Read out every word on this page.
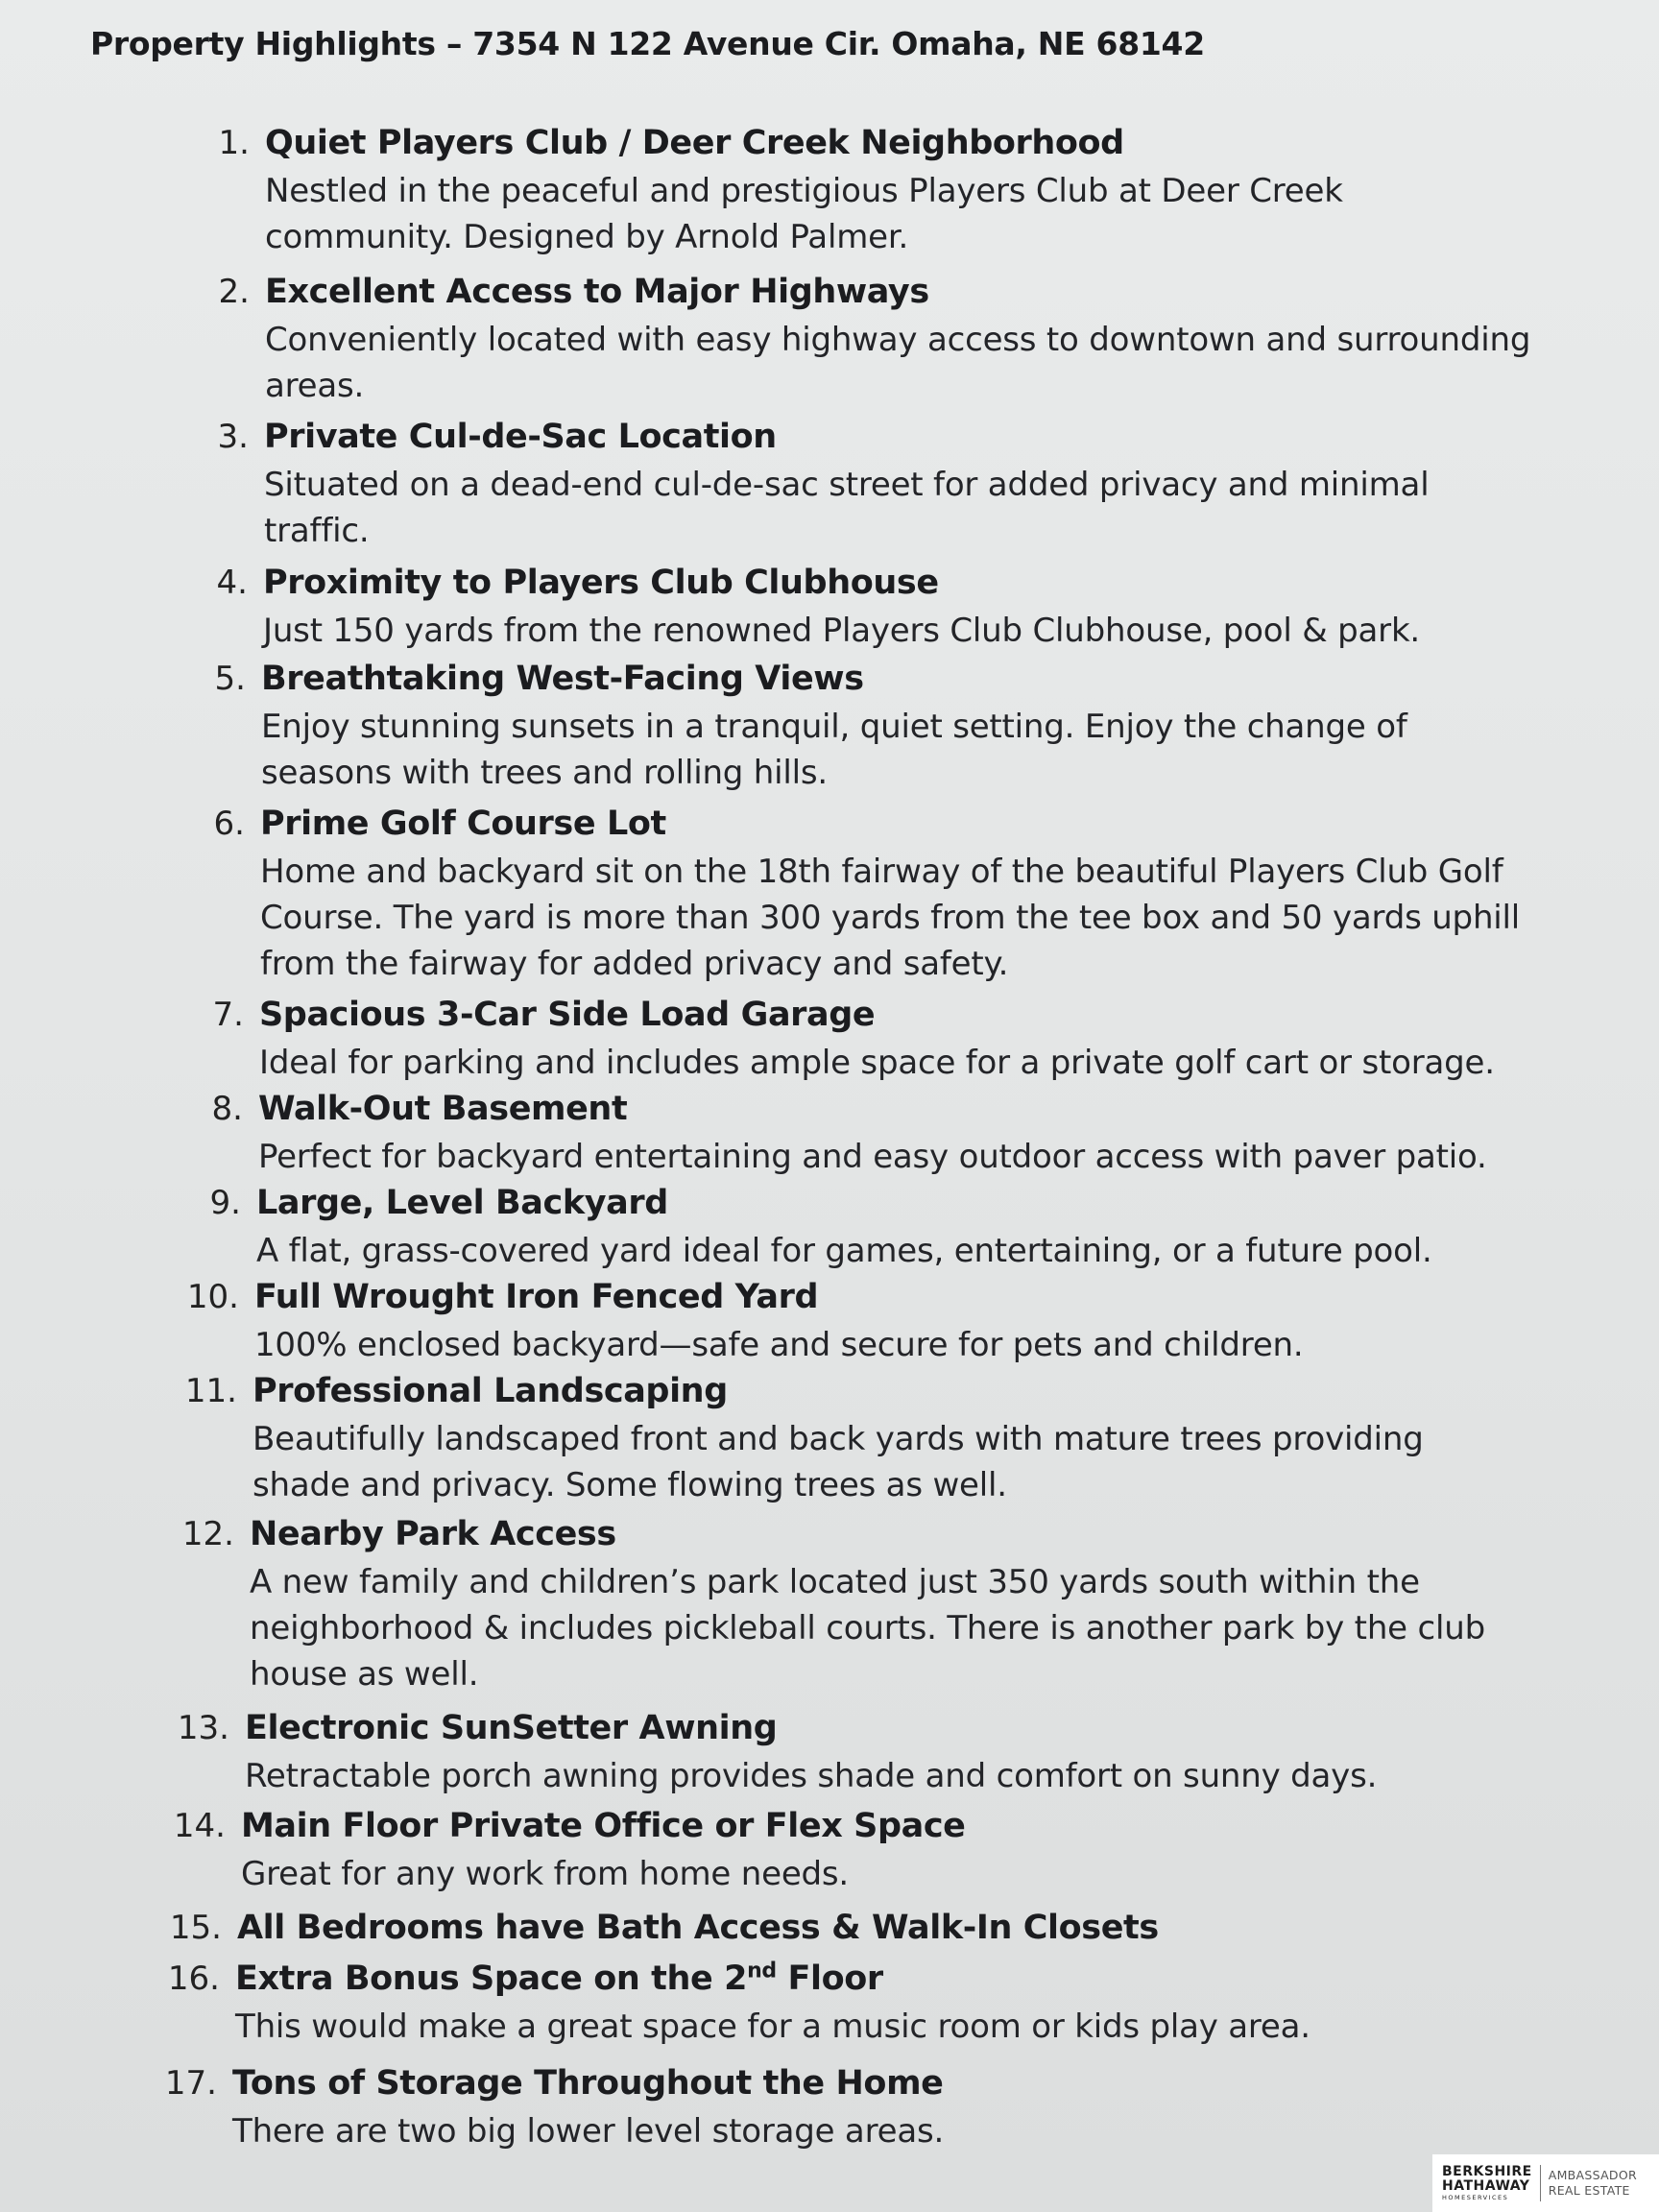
Property Highlights – 7354 N 122 Avenue Cir. Omaha, NE 68142
1. Quiet Players Club / Deer Creek Neighborhood
Nestled in the peaceful and prestigious Players Club at Deer Creek
community. Designed by Arnold Palmer.
2. Excellent Access to Major Highways
Conveniently located with easy highway access to downtown and surrounding
areas.
3. Private Cul-de-Sac Location
Situated on a dead-end cul-de-sac street for added privacy and minimal
traffic.
4. Proximity to Players Club Clubhouse
Just 150 yards from the renowned Players Club Clubhouse, pool & park.
5. Breathtaking West-Facing Views
Enjoy stunning sunsets in a tranquil, quiet setting. Enjoy the change of
seasons with trees and rolling hills.
6. Prime Golf Course Lot
Home and backyard sit on the 18th fairway of the beautiful Players Club Golf
Course. The yard is more than 300 yards from the tee box and 50 yards uphill
from the fairway for added privacy and safety.
7. Spacious 3-Car Side Load Garage
Ideal for parking and includes ample space for a private golf cart or storage.
8. Walk-Out Basement
Perfect for backyard entertaining and easy outdoor access with paver patio.
9. Large, Level Backyard
A flat, grass-covered yard ideal for games, entertaining, or a future pool.
10. Full Wrought Iron Fenced Yard
100% enclosed backyard—safe and secure for pets and children.
11. Professional Landscaping
Beautifully landscaped front and back yards with mature trees providing
shade and privacy. Some flowing trees as well.
12. Nearby Park Access
A new family and children’s park located just 350 yards south within the
neighborhood & includes pickleball courts. There is another park by the club
house as well.
13. Electronic SunSetter Awning
Retractable porch awning provides shade and comfort on sunny days.
14. Main Floor Private Office or Flex Space
Great for any work from home needs.
15. All Bedrooms have Bath Access & Walk-In Closets
16. Extra Bonus Space on the 2nd Floor
This would make a great space for a music room or kids play area.
17. Tons of Storage Throughout the Home
There are two big lower level storage areas.
BERKSHIRE
HATHAWAY
HOMESERVICES
AMBASSADOR
REAL ESTATE
